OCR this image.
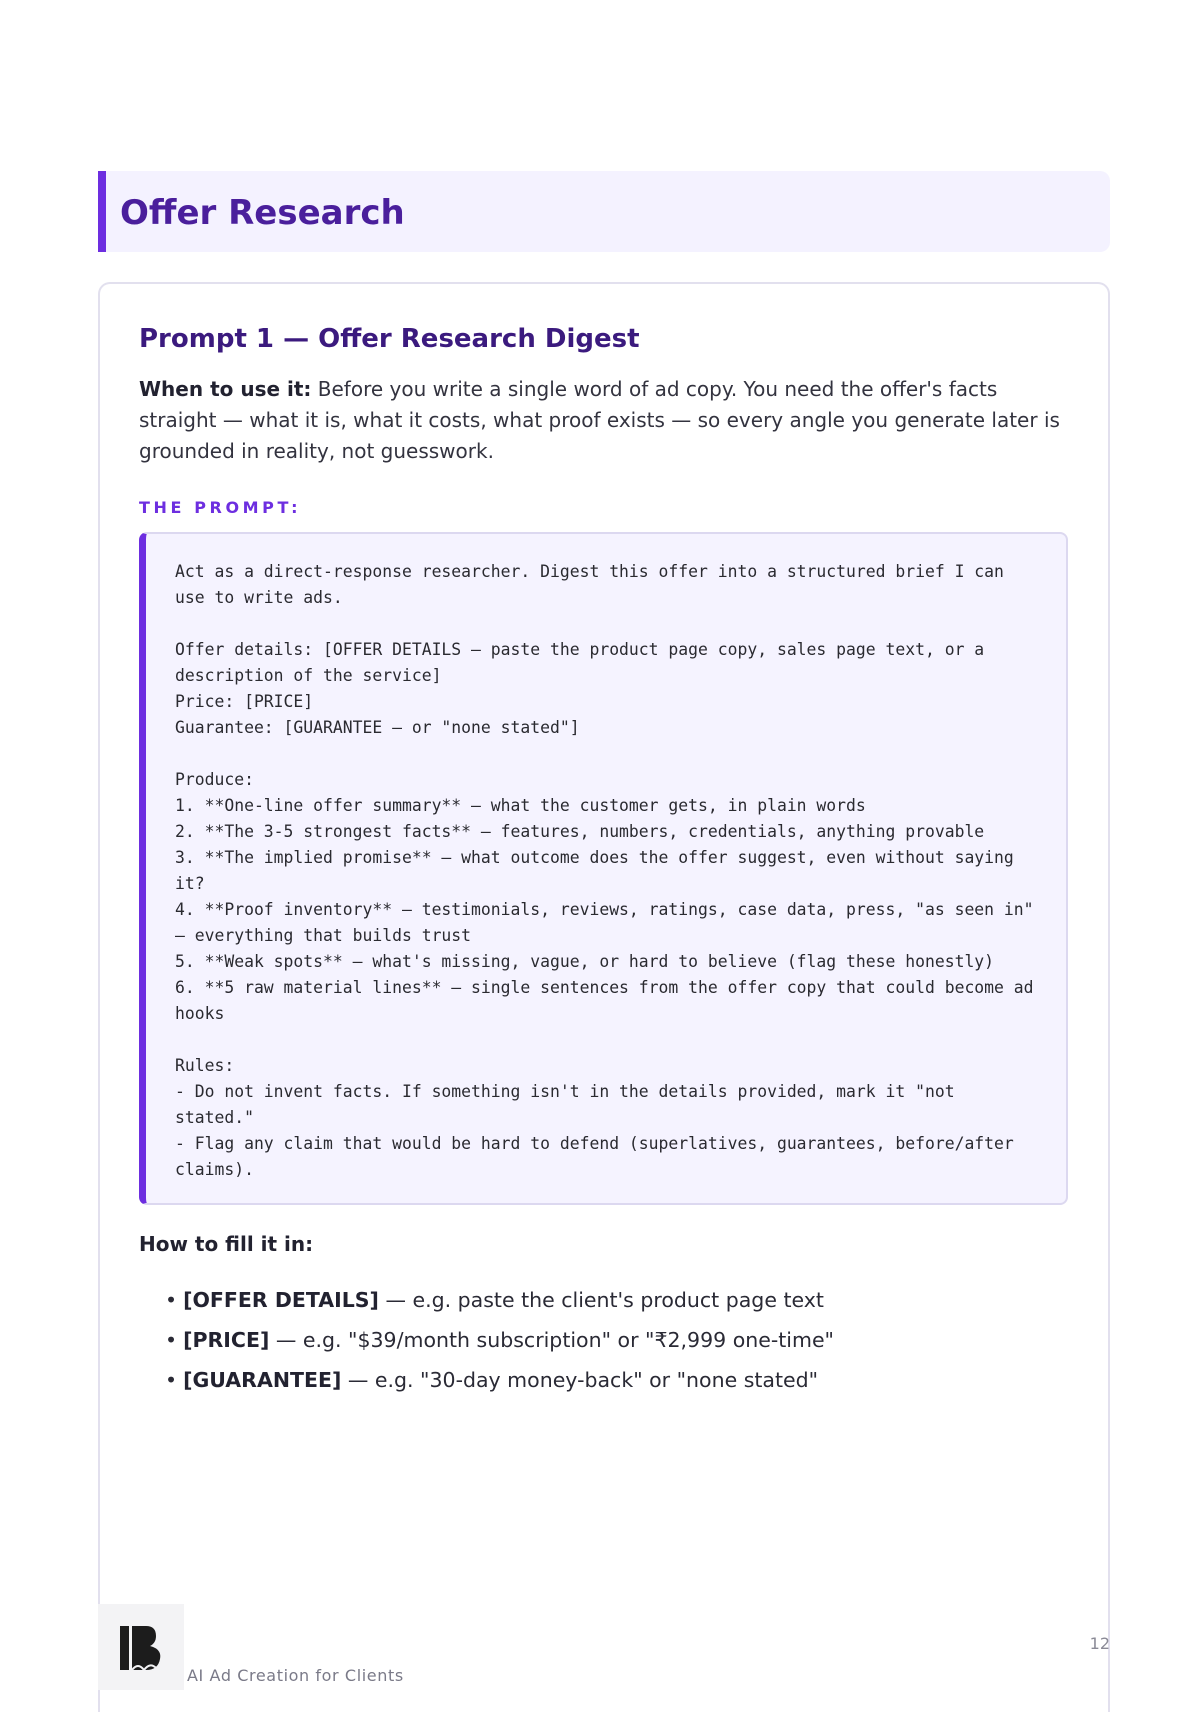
Offer Research
Prompt 1 — Offer Research Digest

When to use it: Before you write a single word of ad copy. You need the offer's facts straight — what it is, what it costs, what proof exists — so every angle you generate later is grounded in reality, not guesswork.

THE PROMPT:
Act as a direct-response researcher. Digest this offer into a structured brief I can
use to write ads.

Offer details: [OFFER DETAILS — paste the product page copy, sales page text, or a
description of the service]
Price: [PRICE]
Guarantee: [GUARANTEE — or "none stated"]

Produce:
1. **One-line offer summary** — what the customer gets, in plain words
2. **The 3-5 strongest facts** — features, numbers, credentials, anything provable
3. **The implied promise** — what outcome does the offer suggest, even without saying
it?
4. **Proof inventory** — testimonials, reviews, ratings, case data, press, "as seen in"
— everything that builds trust
5. **Weak spots** — what's missing, vague, or hard to believe (flag these honestly)
6. **5 raw material lines** — single sentences from the offer copy that could become ad
hooks

Rules:
- Do not invent facts. If something isn't in the details provided, mark it "not
stated."
- Flag any claim that would be hard to defend (superlatives, guarantees, before/after
claims).
How to fill it in:
• [OFFER DETAILS] — e.g. paste the client's product page text
• [PRICE] — e.g. "$39/month subscription" or "₹2,999 one-time"
• [GUARANTEE] — e.g. "30-day money-back" or "none stated"
AI Ad Creation for Clients
12
